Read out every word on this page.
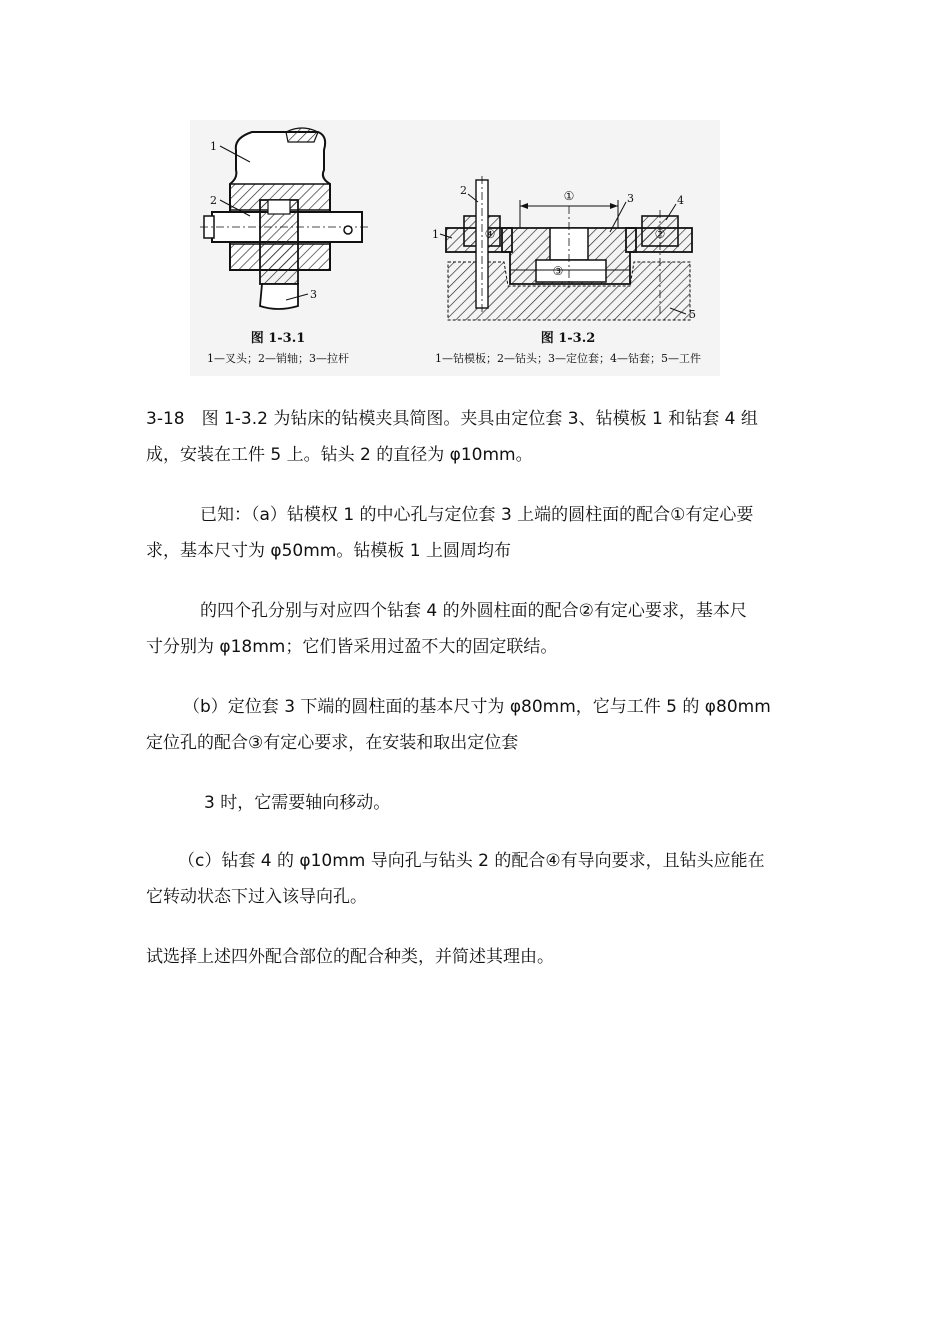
1
2
3
图 1-3.1
1—叉头；2—销轴；3—拉杆
①
②
③
④
1
2
3	4
5
图 1-3.2
1—钻模板；2—钻头；3—定位套；4—钻套；5—工件

3-18　图 1-3.2 为钻床的钻模夹具简图。夹具由定位套 3、钻模板 1 和钻套 4 组

成，安装在工件 5 上。钻头 2 的直径为 φ10mm。

已知：（a）钻模权 1 的中心孔与定位套 3 上端的圆柱面的配合①有定心要

求，基本尺寸为 φ50mm。钻模板 1 上圆周均布

的四个孔分别与对应四个钻套 4 的外圆柱面的配合②有定心要求，基本尺

寸分别为 φ18mm；它们皆采用过盈不大的固定联结。

（b）定位套 3 下端的圆柱面的基本尺寸为 φ80mm，它与工件 5 的 φ80mm

定位孔的配合③有定心要求，在安装和取出定位套

3 时，它需要轴向移动。

（c）钻套 4 的 φ10mm 导向孔与钻头 2 的配合④有导向要求，且钻头应能在

它转动状态下过入该导向孔。

试选择上述四外配合部位的配合种类，并简述其理由。
